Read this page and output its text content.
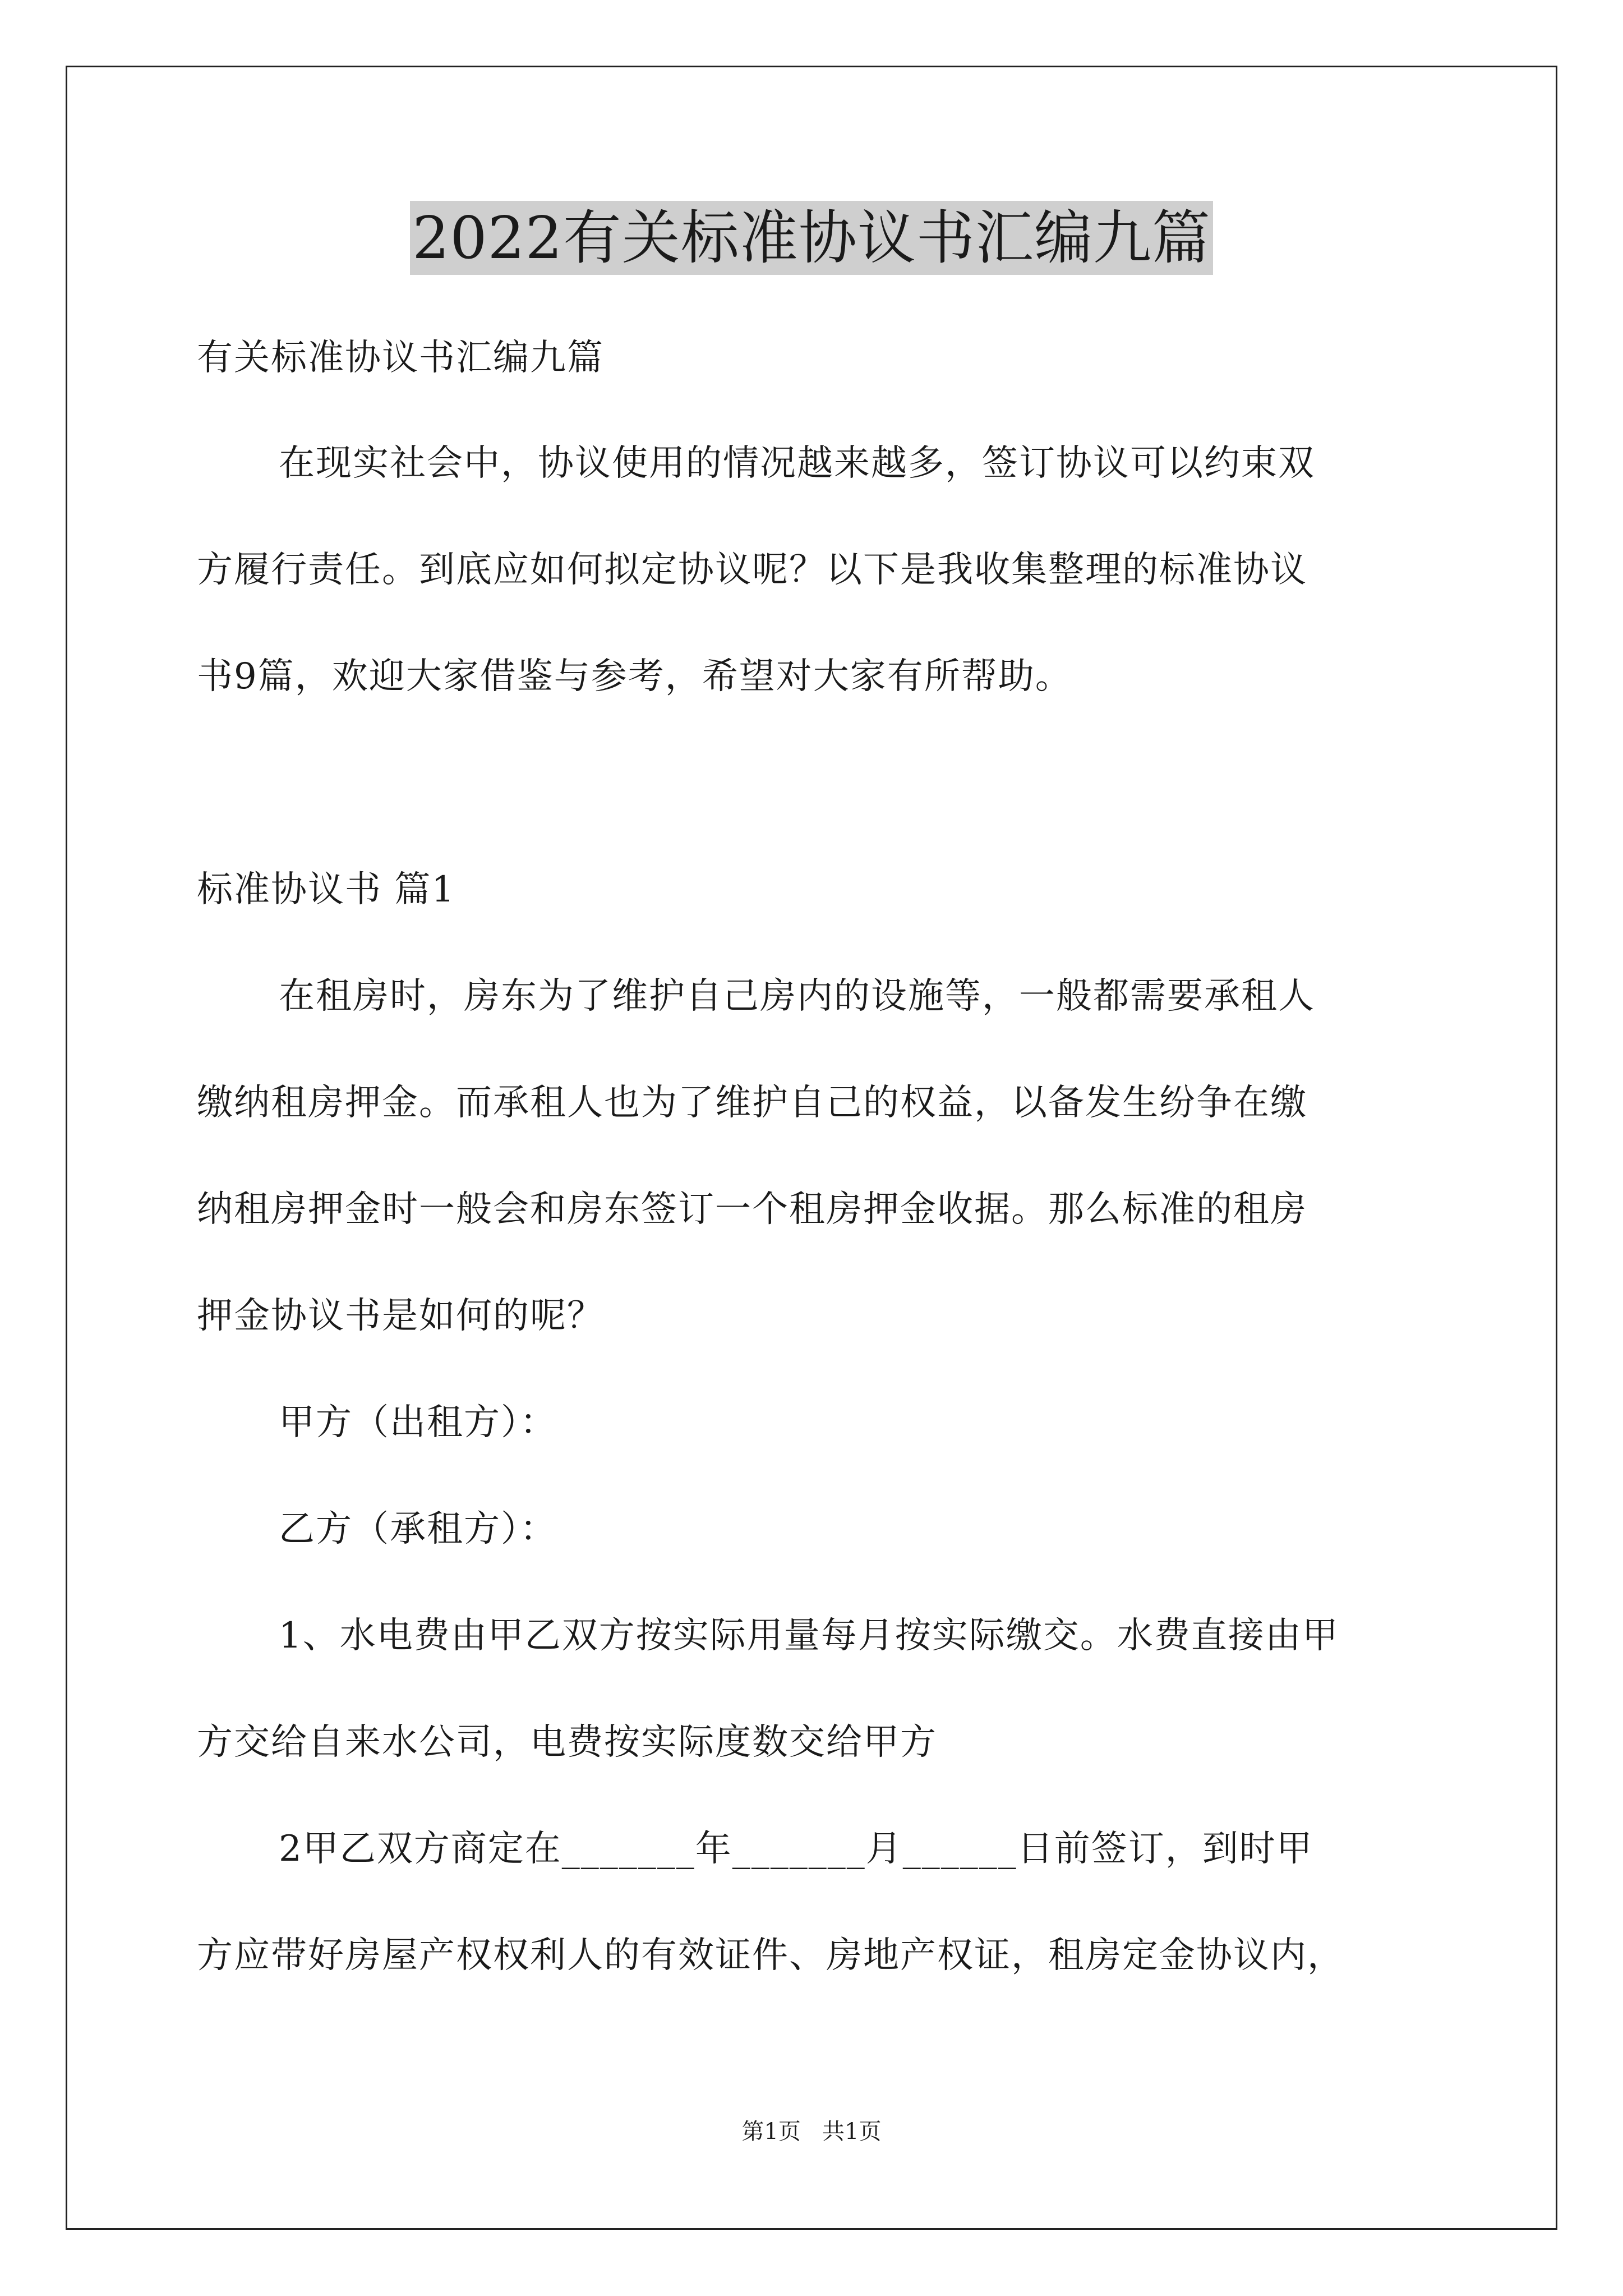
2022有关标准协议书汇编九篇
有关标准协议书汇编九篇
在现实社会中，协议使用的情况越来越多，签订协议可以约束双
方履行责任。到底应如何拟定协议呢？以下是我收集整理的标准协议
书9篇，欢迎大家借鉴与参考，希望对大家有所帮助。
标准协议书 篇1
在租房时，房东为了维护自己房内的设施等，一般都需要承租人
缴纳租房押金。而承租人也为了维护自己的权益，以备发生纷争在缴
纳租房押金时一般会和房东签订一个租房押金收据。那么标准的租房
押金协议书是如何的呢？
甲方（出租方）：
乙方（承租方）：
1、水电费由甲乙双方按实际用量每月按实际缴交。水费直接由甲
方交给自来水公司，电费按实际度数交给甲方
2甲乙双方商定在_______年_______月______日前签订，到时甲
方应带好房屋产权权利人的有效证件、房地产权证，租房定金协议内，
第1页   共1页
